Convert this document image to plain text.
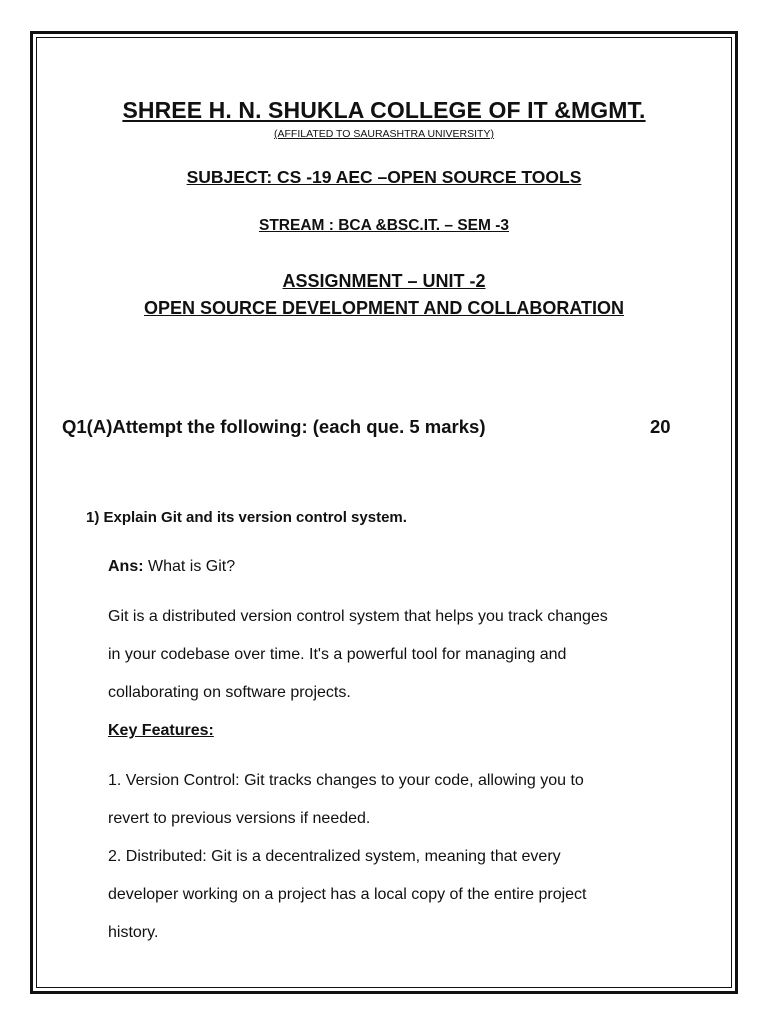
SHREE H. N. SHUKLA COLLEGE OF IT &MGMT.
(AFFILATED TO SAURASHTRA UNIVERSITY)
SUBJECT: CS -19 AEC –OPEN SOURCE TOOLS
STREAM : BCA &BSC.IT. – SEM -3
ASSIGNMENT – UNIT -2
OPEN SOURCE DEVELOPMENT AND COLLABORATION
Q1(A)Attempt the following: (each que. 5 marks)	20
1) Explain Git and its version control system.
Ans: What is Git?
Git is a distributed version control system that helps you track changes
in your codebase over time. It's a powerful tool for managing and
collaborating on software projects.
Key Features:
1. Version Control: Git tracks changes to your code, allowing you to
revert to previous versions if needed.
2. Distributed: Git is a decentralized system, meaning that every
developer working on a project has a local copy of the entire project
history.
